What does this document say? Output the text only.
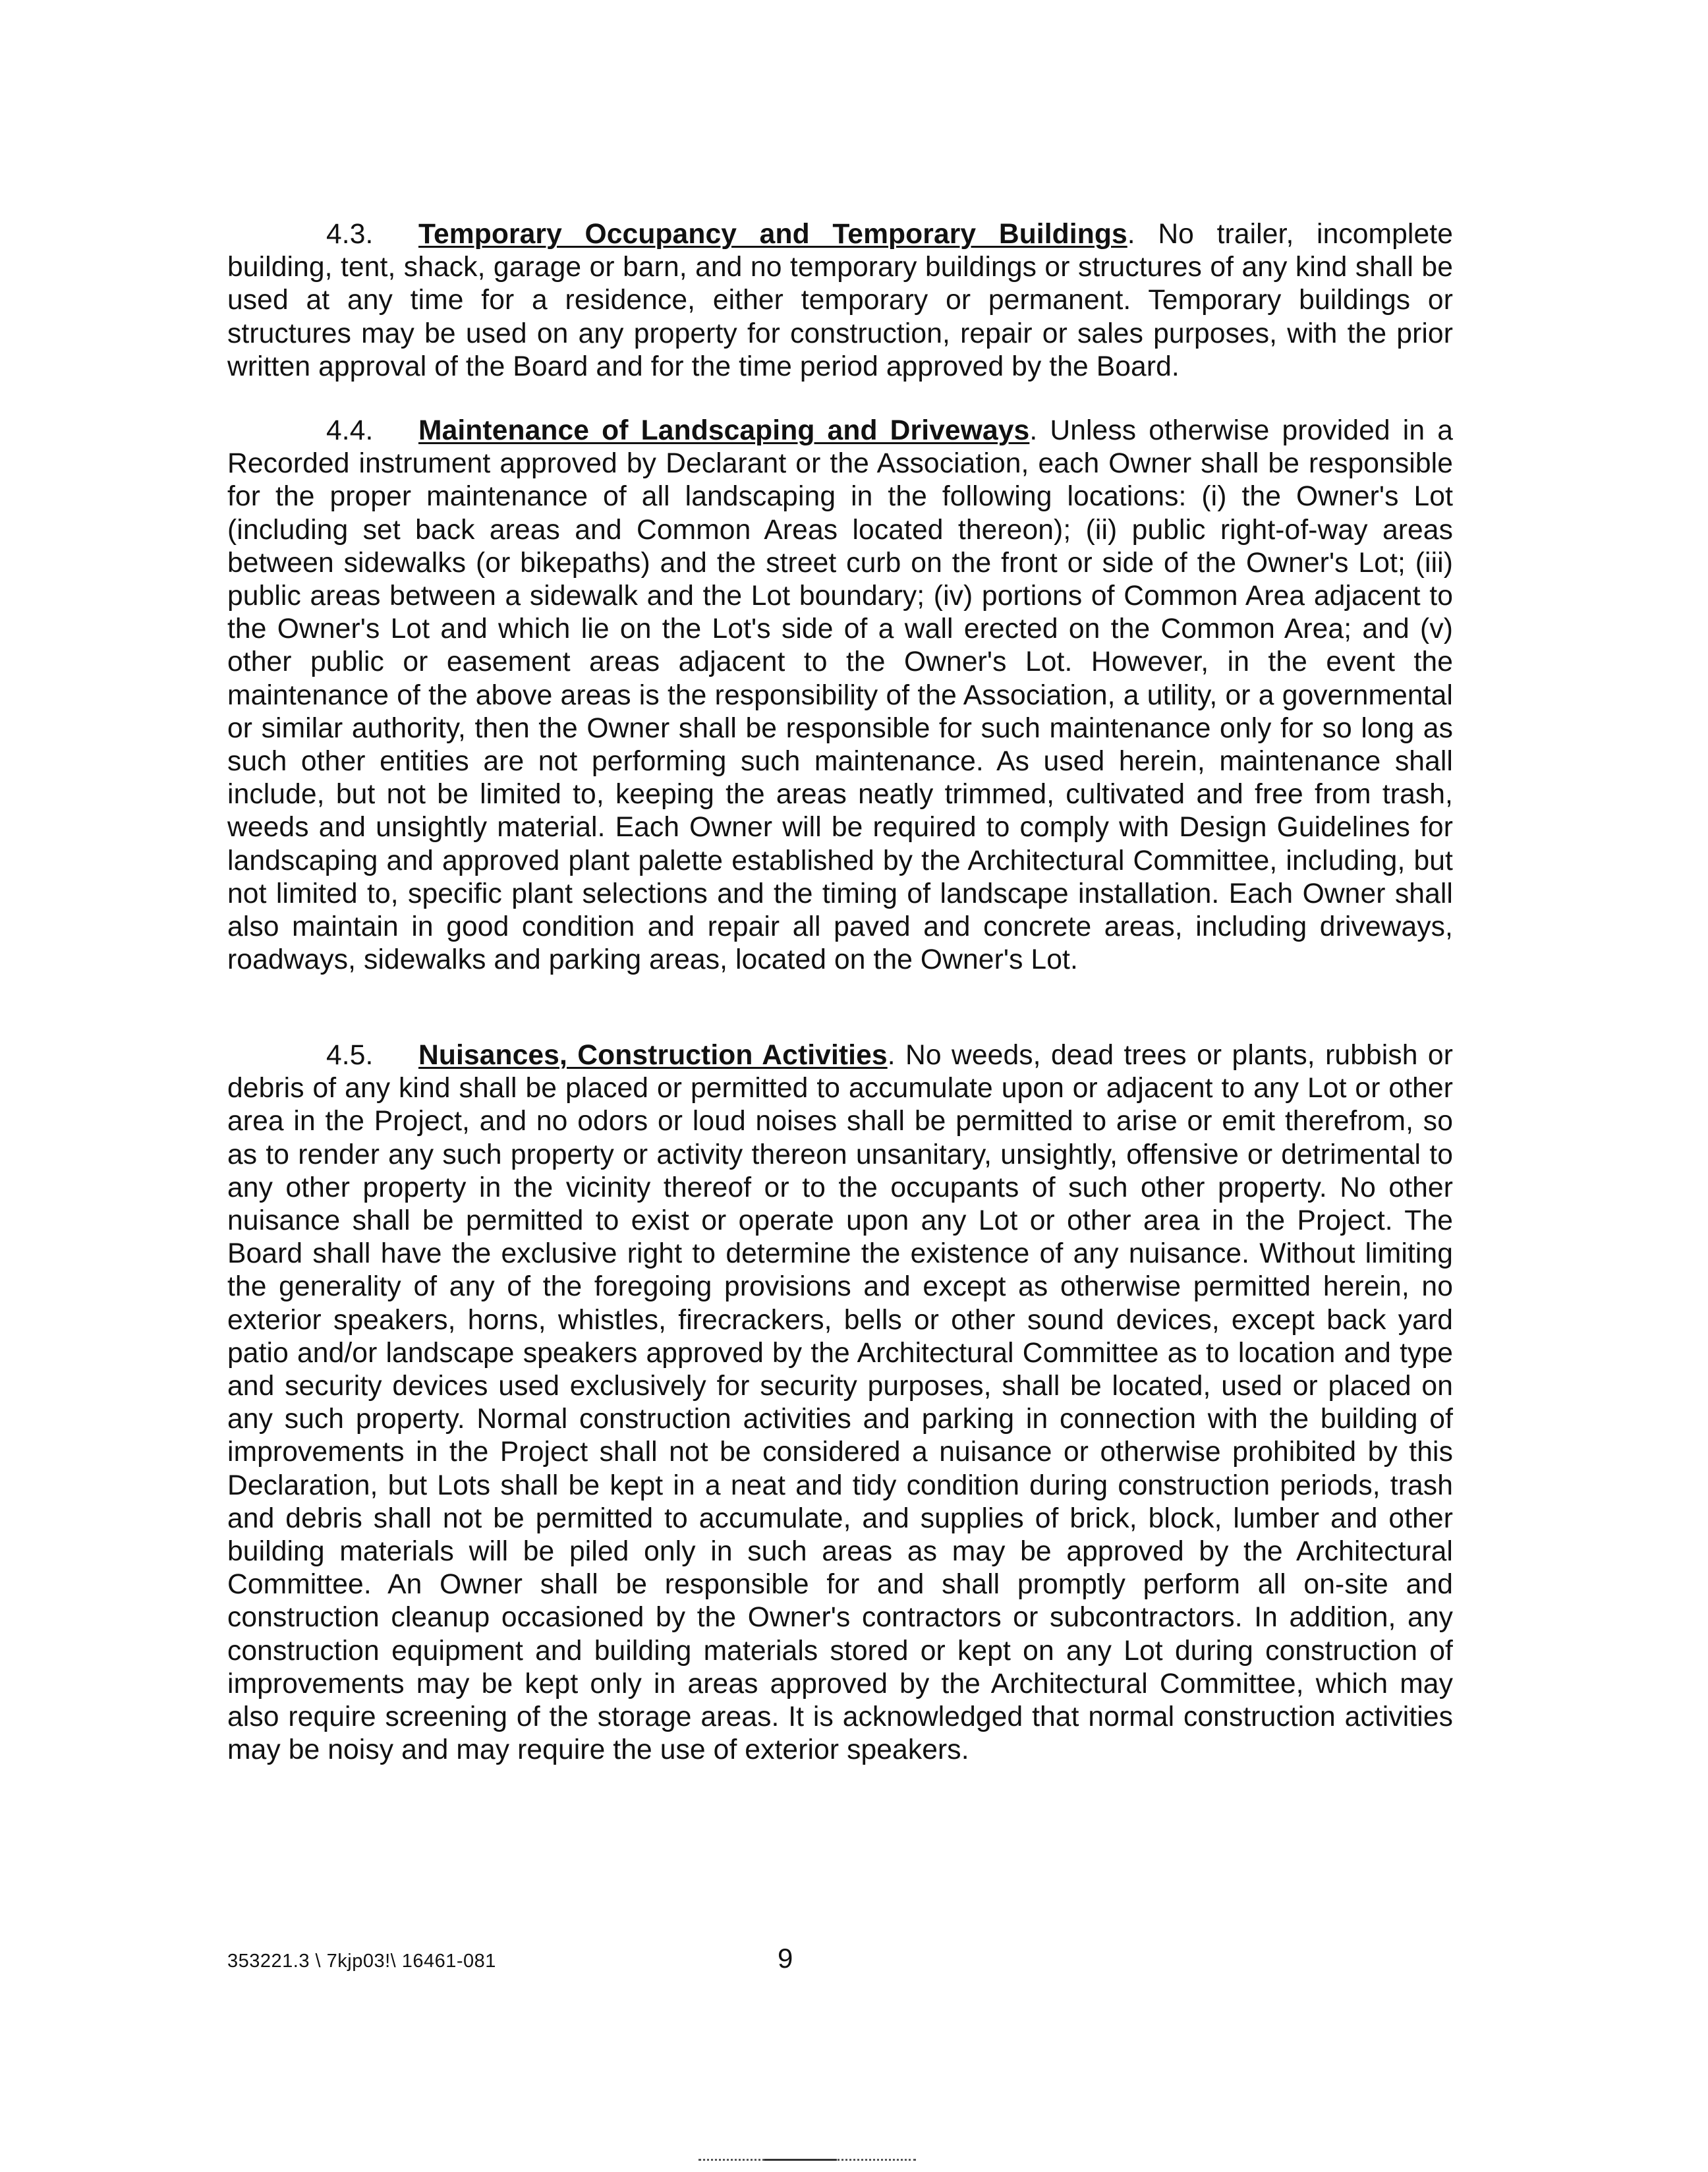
4.3. Temporary Occupancy and Temporary Buildings. No trailer, incomplete building, tent, shack, garage or barn, and no temporary buildings or structures of any kind shall be used at any time for a residence, either temporary or permanent. Temporary buildings or structures may be used on any property for construction, repair or sales purposes, with the prior written approval of the Board and for the time period approved by the Board.

4.4. Maintenance of Landscaping and Driveways. Unless otherwise provided in a Recorded instrument approved by Declarant or the Association, each Owner shall be responsible for the proper maintenance of all landscaping in the following locations: (i) the Owner's Lot (including set back areas and Common Areas located thereon); (ii) public right-of-way areas between sidewalks (or bikepaths) and the street curb on the front or side of the Owner's Lot; (iii) public areas between a sidewalk and the Lot boundary; (iv) portions of Common Area adjacent to the Owner's Lot and which lie on the Lot's side of a wall erected on the Common Area; and (v) other public or easement areas adjacent to the Owner's Lot. However, in the event the maintenance of the above areas is the responsibility of the Association, a utility, or a governmental or similar authority, then the Owner shall be responsible for such maintenance only for so long as such other entities are not performing such maintenance. As used herein, maintenance shall include, but not be limited to, keeping the areas neatly trimmed, cultivated and free from trash, weeds and unsightly material. Each Owner will be required to comply with Design Guidelines for landscaping and approved plant palette established by the Architectural Committee, including, but not limited to, specific plant selections and the timing of landscape installation. Each Owner shall also maintain in good condition and repair all paved and concrete areas, including driveways, roadways, sidewalks and parking areas, located on the Owner's Lot.

4.5. Nuisances, Construction Activities. No weeds, dead trees or plants, rubbish or debris of any kind shall be placed or permitted to accumulate upon or adjacent to any Lot or other area in the Project, and no odors or loud noises shall be permitted to arise or emit therefrom, so as to render any such property or activity thereon unsanitary, unsightly, offensive or detrimental to any other property in the vicinity thereof or to the occupants of such other property. No other nuisance shall be permitted to exist or operate upon any Lot or other area in the Project. The Board shall have the exclusive right to determine the existence of any nuisance. Without limiting the generality of any of the foregoing provisions and except as otherwise permitted herein, no exterior speakers, horns, whistles, firecrackers, bells or other sound devices, except back yard patio and/or landscape speakers approved by the Architectural Committee as to location and type and security devices used exclusively for security purposes, shall be located, used or placed on any such property. Normal construction activities and parking in connection with the building of improvements in the Project shall not be considered a nuisance or otherwise prohibited by this Declaration, but Lots shall be kept in a neat and tidy condition during construction periods, trash and debris shall not be permitted to accumulate, and supplies of brick, block, lumber and other building materials will be piled only in such areas as may be approved by the Architectural Committee. An Owner shall be responsible for and shall promptly perform all on-site and construction cleanup occasioned by the Owner's contractors or subcontractors. In addition, any construction equipment and building materials stored or kept on any Lot during construction of improvements may be kept only in areas approved by the Architectural Committee, which may also require screening of the storage areas. It is acknowledged that normal construction activities may be noisy and may require the use of exterior speakers.

353221.3 \ 7kjp03!\ 16461-081	9
